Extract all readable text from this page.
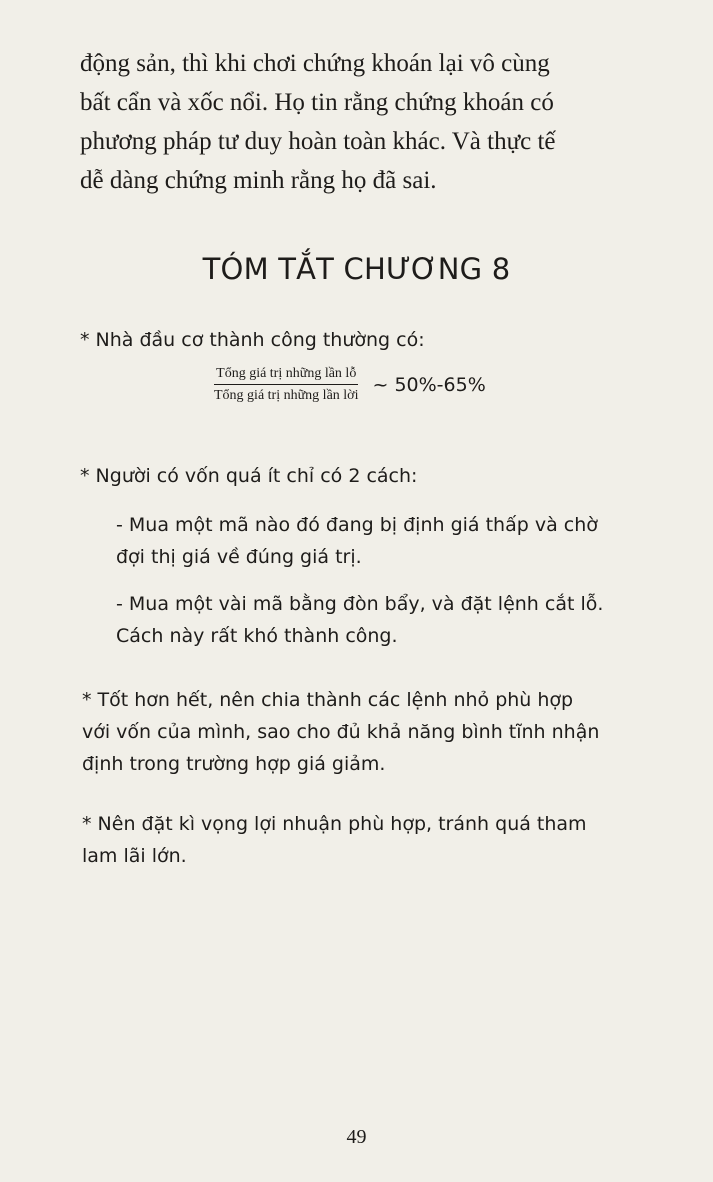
động sản, thì khi chơi chứng khoán lại vô cùng
bất cẩn và xốc nổi. Họ tin rằng chứng khoán có
phương pháp tư duy hoàn toàn khác. Và thực tế
dễ dàng chứng minh rằng họ đã sai.
TÓM TẮT CHƯƠNG 8
* Nhà đầu cơ thành công thường có:
$\frac{\text{Tổng giá trị những lần lỗ}}{\text{Tổng giá trị những lần lời}}$ ~ 50%-65%
* Người có vốn quá ít chỉ có 2 cách:
- Mua một mã nào đó đang bị định giá thấp và chờ
đợi thị giá về đúng giá trị.
- Mua một vài mã bằng đòn bẩy, và đặt lệnh cắt lỗ.
Cách này rất khó thành công.
* Tốt hơn hết, nên chia thành các lệnh nhỏ phù hợp
với vốn của mình, sao cho đủ khả năng bình tĩnh nhận
định trong trường hợp giá giảm.
* Nên đặt kì vọng lợi nhuận phù hợp, tránh quá tham
lam lãi lớn.
49
